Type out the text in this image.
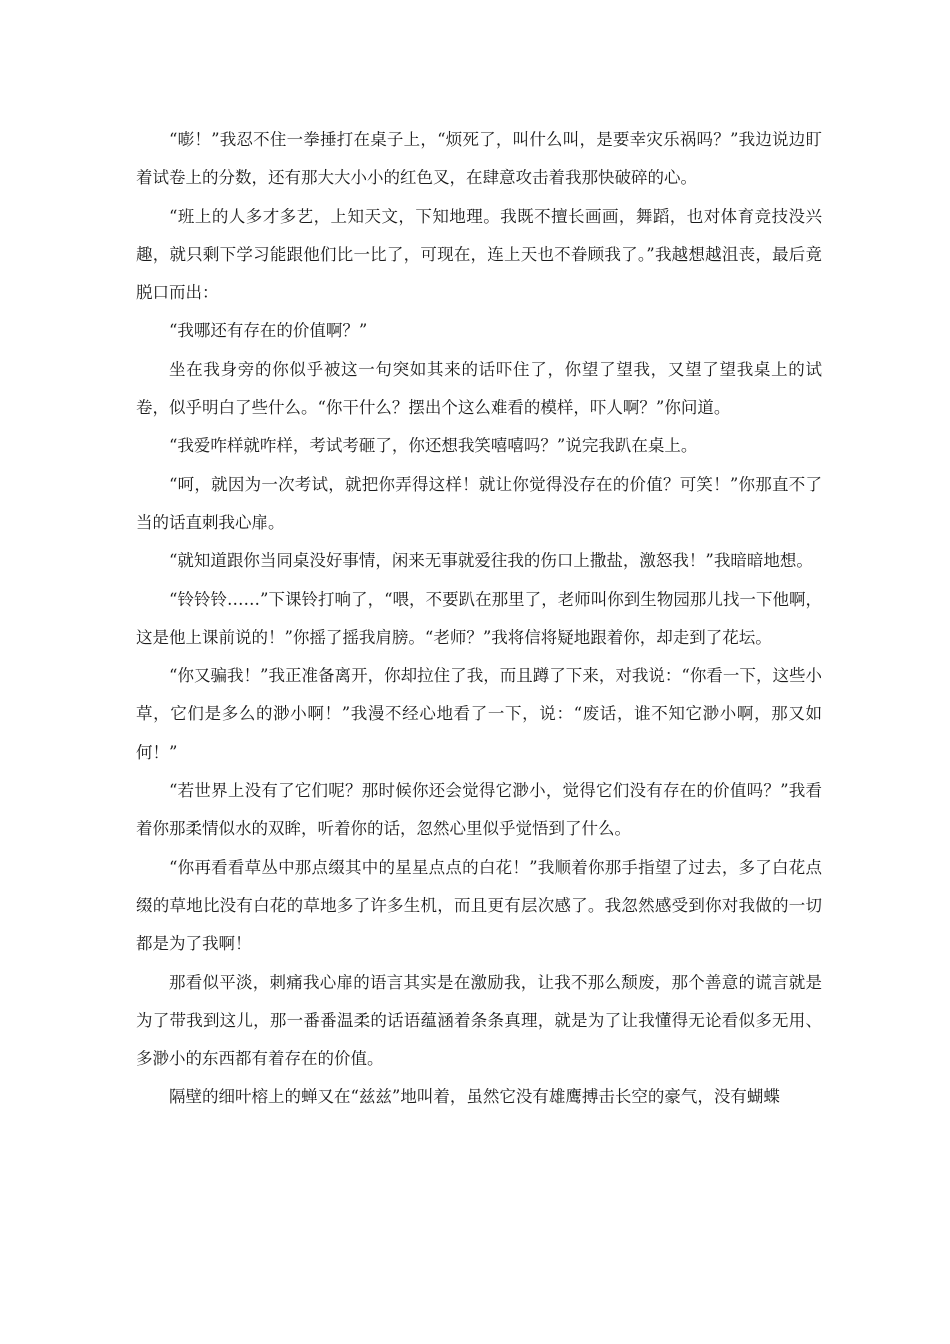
“嘭！”我忍不住一拳捶打在桌子上，“烦死了，叫什么叫，是要幸灾乐祸吗？”我边说边盯着试卷上的分数，还有那大大小小的红色叉，在肆意攻击着我那快破碎的心。

“班上的人多才多艺，上知天文，下知地理。我既不擅长画画，舞蹈，也对体育竞技没兴趣，就只剩下学习能跟他们比一比了，可现在，连上天也不眷顾我了。”我越想越沮丧，最后竟脱口而出：

“我哪还有存在的价值啊？”

坐在我身旁的你似乎被这一句突如其来的话吓住了，你望了望我，又望了望我桌上的试卷，似乎明白了些什么。“你干什么？摆出个这么难看的模样，吓人啊？”你问道。

“我爱咋样就咋样，考试考砸了，你还想我笑嘻嘻吗？”说完我趴在桌上。

“呵，就因为一次考试，就把你弄得这样！就让你觉得没存在的价值？可笑！”你那直不了当的话直刺我心扉。

“就知道跟你当同桌没好事情，闲来无事就爱往我的伤口上撒盐，激怒我！”我暗暗地想。

“铃铃铃……”下课铃打响了，“喂，不要趴在那里了，老师叫你到生物园那儿找一下他啊，这是他上课前说的！”你摇了摇我肩膀。“老师？”我将信将疑地跟着你，却走到了花坛。

“你又骗我！”我正准备离开，你却拉住了我，而且蹲了下来，对我说：“你看一下，这些小草，它们是多么的渺小啊！”我漫不经心地看了一下，说：“废话，谁不知它渺小啊，那又如何！”

“若世界上没有了它们呢？那时候你还会觉得它渺小，觉得它们没有存在的价值吗？”我看着你那柔情似水的双眸，听着你的话，忽然心里似乎觉悟到了什么。

“你再看看草丛中那点缀其中的星星点点的白花！”我顺着你那手指望了过去，多了白花点缀的草地比没有白花的草地多了许多生机，而且更有层次感了。我忽然感受到你对我做的一切都是为了我啊！

那看似平淡，刺痛我心扉的语言其实是在激励我，让我不那么颓废，那个善意的谎言就是为了带我到这儿，那一番番温柔的话语蕴涵着条条真理，就是为了让我懂得无论看似多无用、多渺小的东西都有着存在的价值。

隔壁的细叶榕上的蝉又在“兹兹”地叫着，虽然它没有雄鹰搏击长空的豪气，没有蝴蝶
